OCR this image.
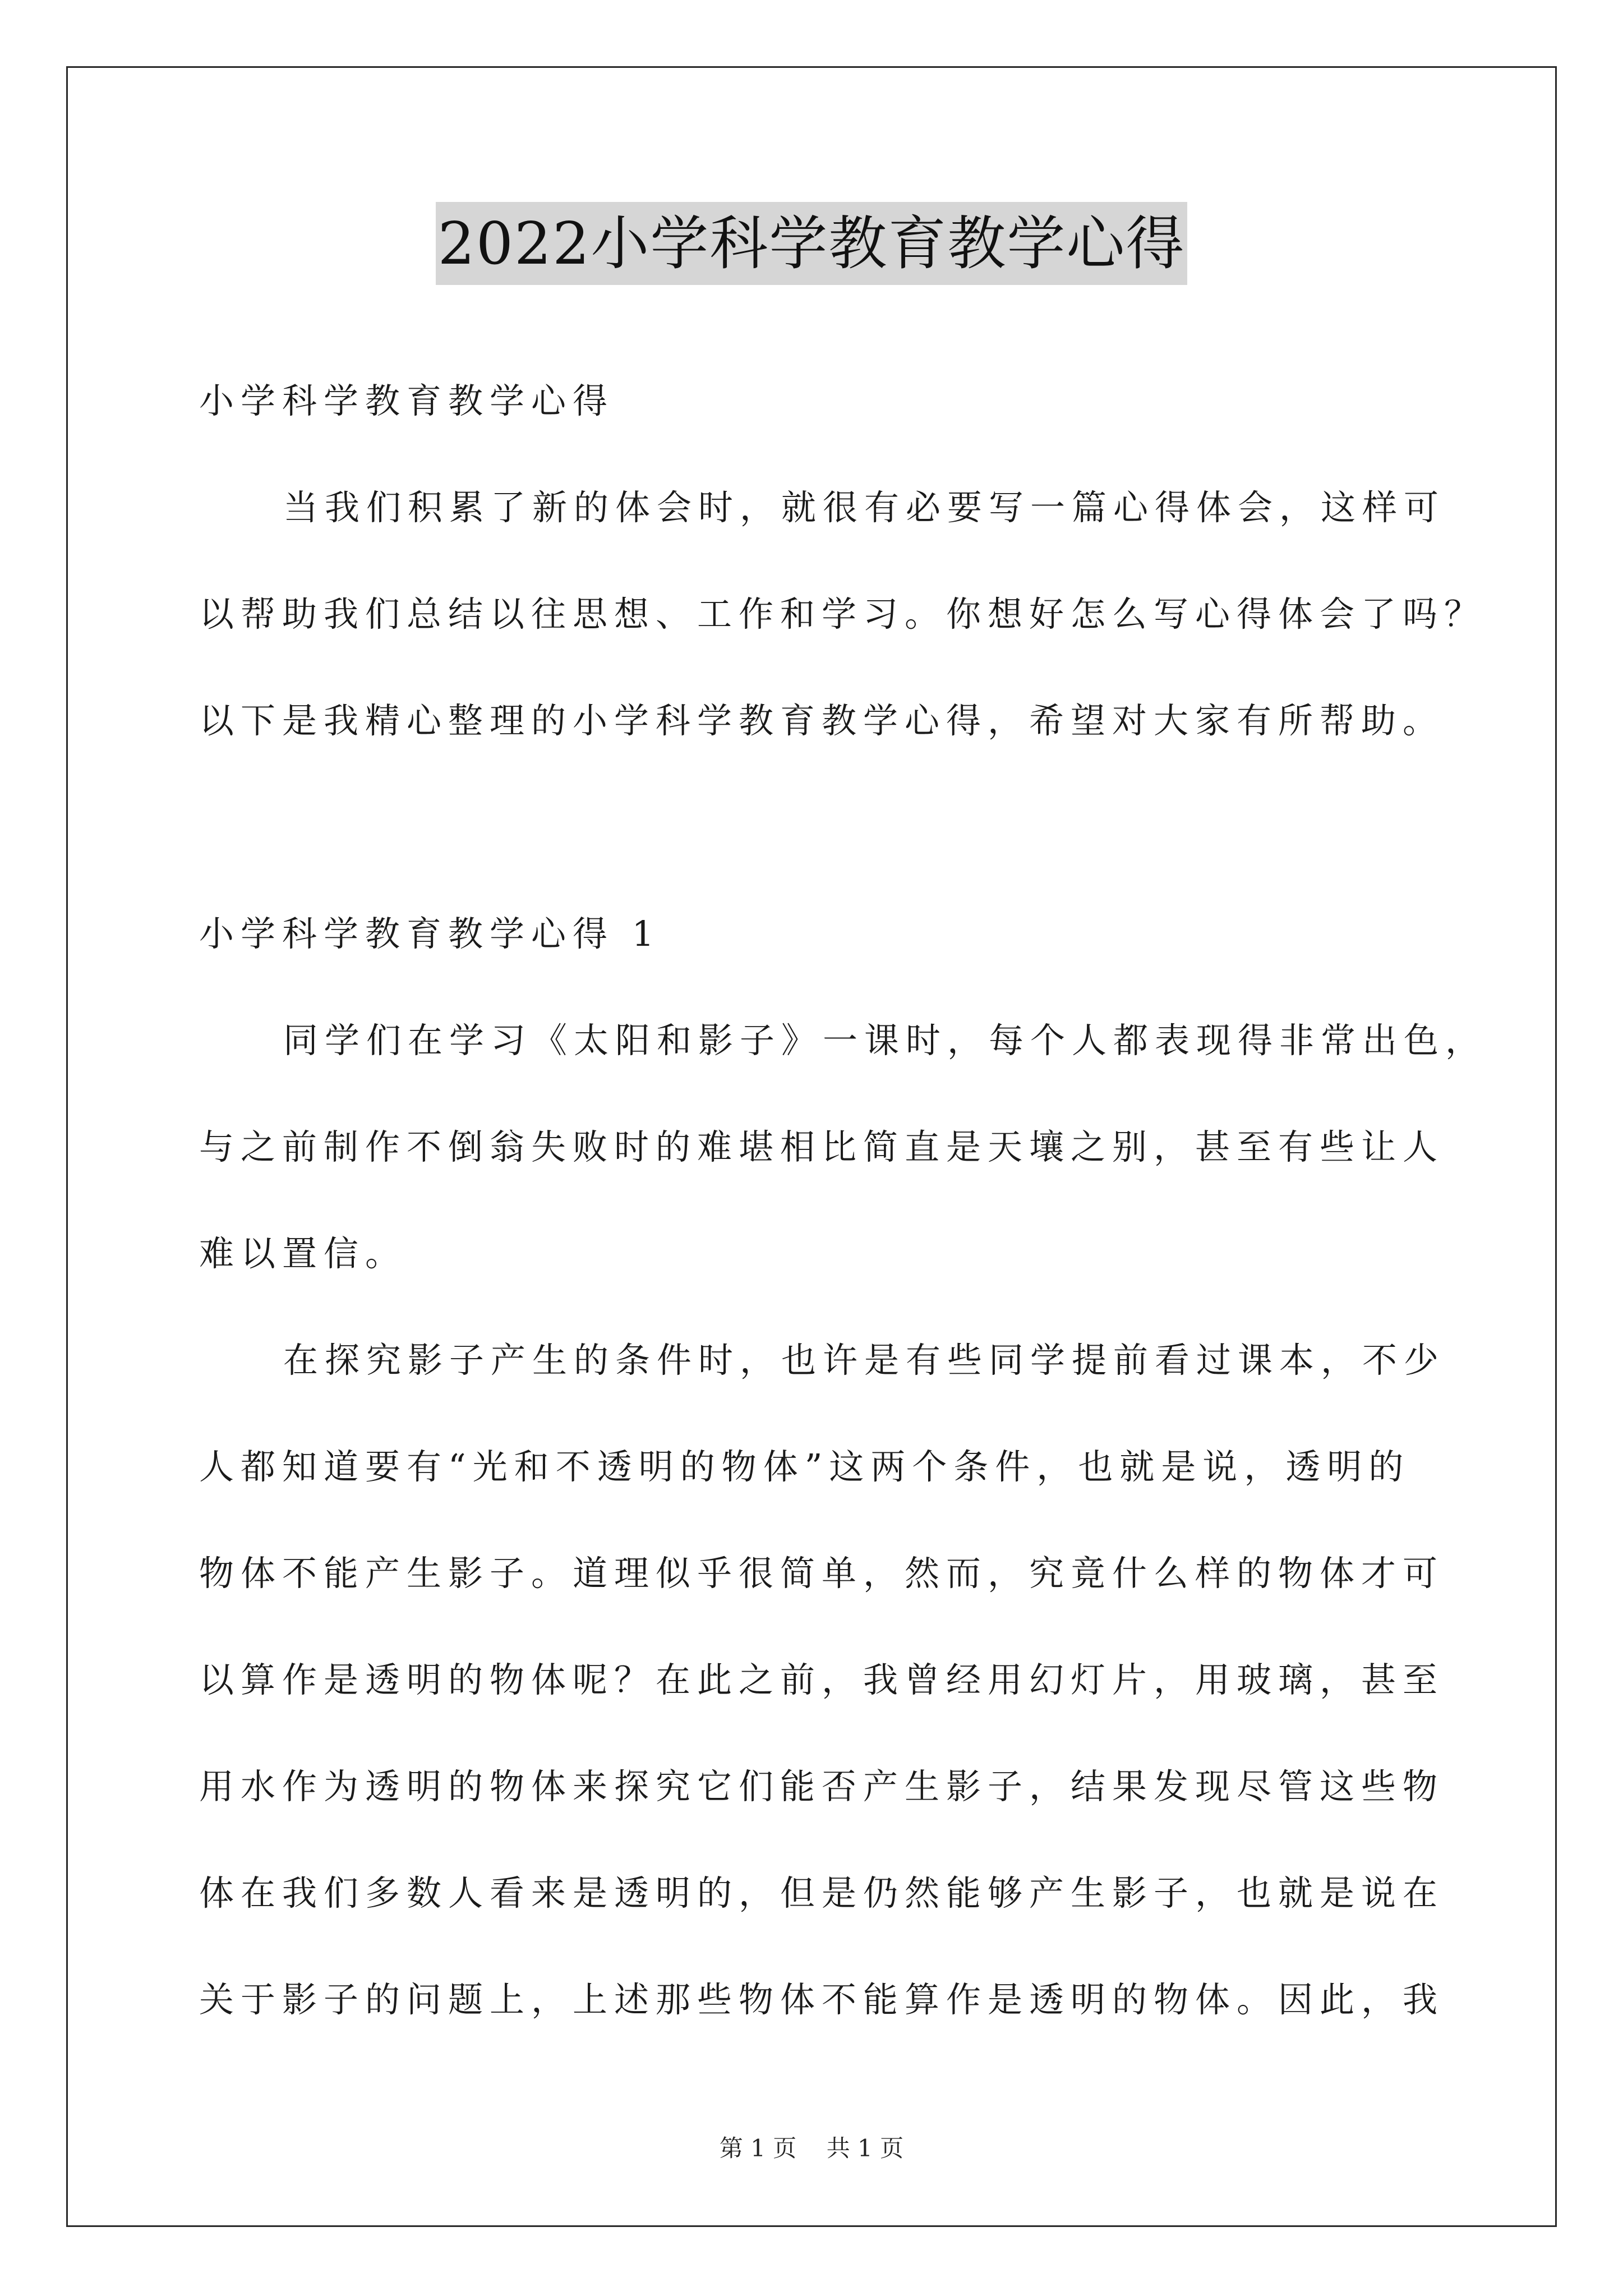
2022小学科学教育教学心得
小学科学教育教学心得
当我们积累了新的体会时，就很有必要写一篇心得体会，这样可
以帮助我们总结以往思想、工作和学习。你想好怎么写心得体会了吗？
以下是我精心整理的小学科学教育教学心得，希望对大家有所帮助。
小学科学教育教学心得 1
同学们在学习《太阳和影子》一课时，每个人都表现得非常出色，
与之前制作不倒翁失败时的难堪相比简直是天壤之别，甚至有些让人
难以置信。
在探究影子产生的条件时，也许是有些同学提前看过课本，不少
人都知道要有“光和不透明的物体”这两个条件，也就是说，透明的
物体不能产生影子。道理似乎很简单，然而，究竟什么样的物体才可
以算作是透明的物体呢？在此之前，我曾经用幻灯片，用玻璃，甚至
用水作为透明的物体来探究它们能否产生影子，结果发现尽管这些物
体在我们多数人看来是透明的，但是仍然能够产生影子，也就是说在
关于影子的问题上，上述那些物体不能算作是透明的物体。因此，我
第 1 页 共 1 页
